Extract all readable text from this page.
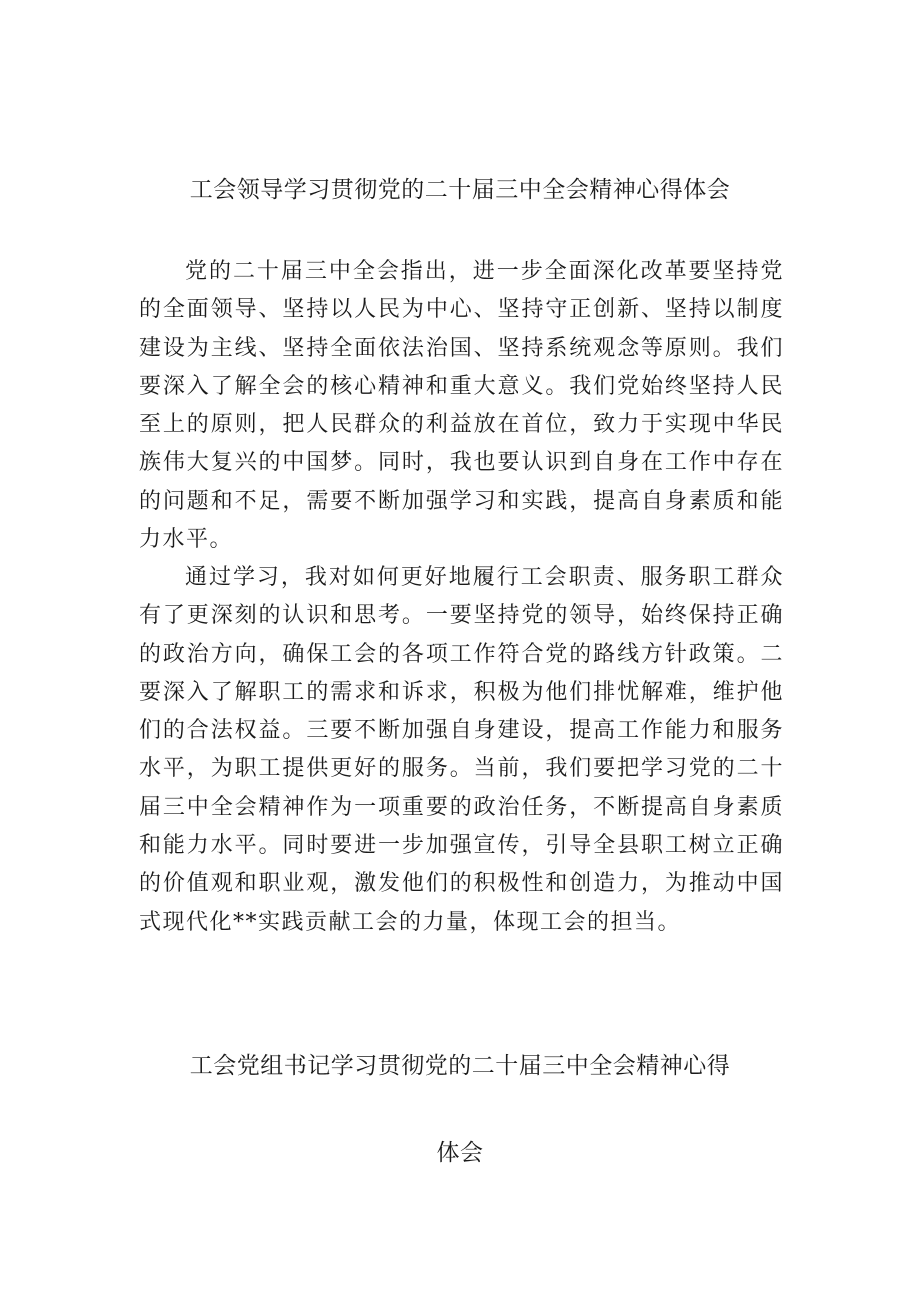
工会领导学习贯彻党的二十届三中全会精神心得体会

党的二十届三中全会指出，进一步全面深化改革要坚持党的全面领导、坚持以人民为中心、坚持守正创新、坚持以制度建设为主线、坚持全面依法治国、坚持系统观念等原则。我们要深入了解全会的核心精神和重大意义。我们党始终坚持人民至上的原则，把人民群众的利益放在首位，致力于实现中华民族伟大复兴的中国梦。同时，我也要认识到自身在工作中存在的问题和不足，需要不断加强学习和实践，提高自身素质和能力水平。

通过学习，我对如何更好地履行工会职责、服务职工群众有了更深刻的认识和思考。一要坚持党的领导，始终保持正确的政治方向，确保工会的各项工作符合党的路线方针政策。二要深入了解职工的需求和诉求，积极为他们排忧解难，维护他们的合法权益。三要不断加强自身建设，提高工作能力和服务水平，为职工提供更好的服务。当前，我们要把学习党的二十届三中全会精神作为一项重要的政治任务，不断提高自身素质和能力水平。同时要进一步加强宣传，引导全县职工树立正确的价值观和职业观，激发他们的积极性和创造力，为推动中国式现代化**实践贡献工会的力量，体现工会的担当。

工会党组书记学习贯彻党的二十届三中全会精神心得
体会
